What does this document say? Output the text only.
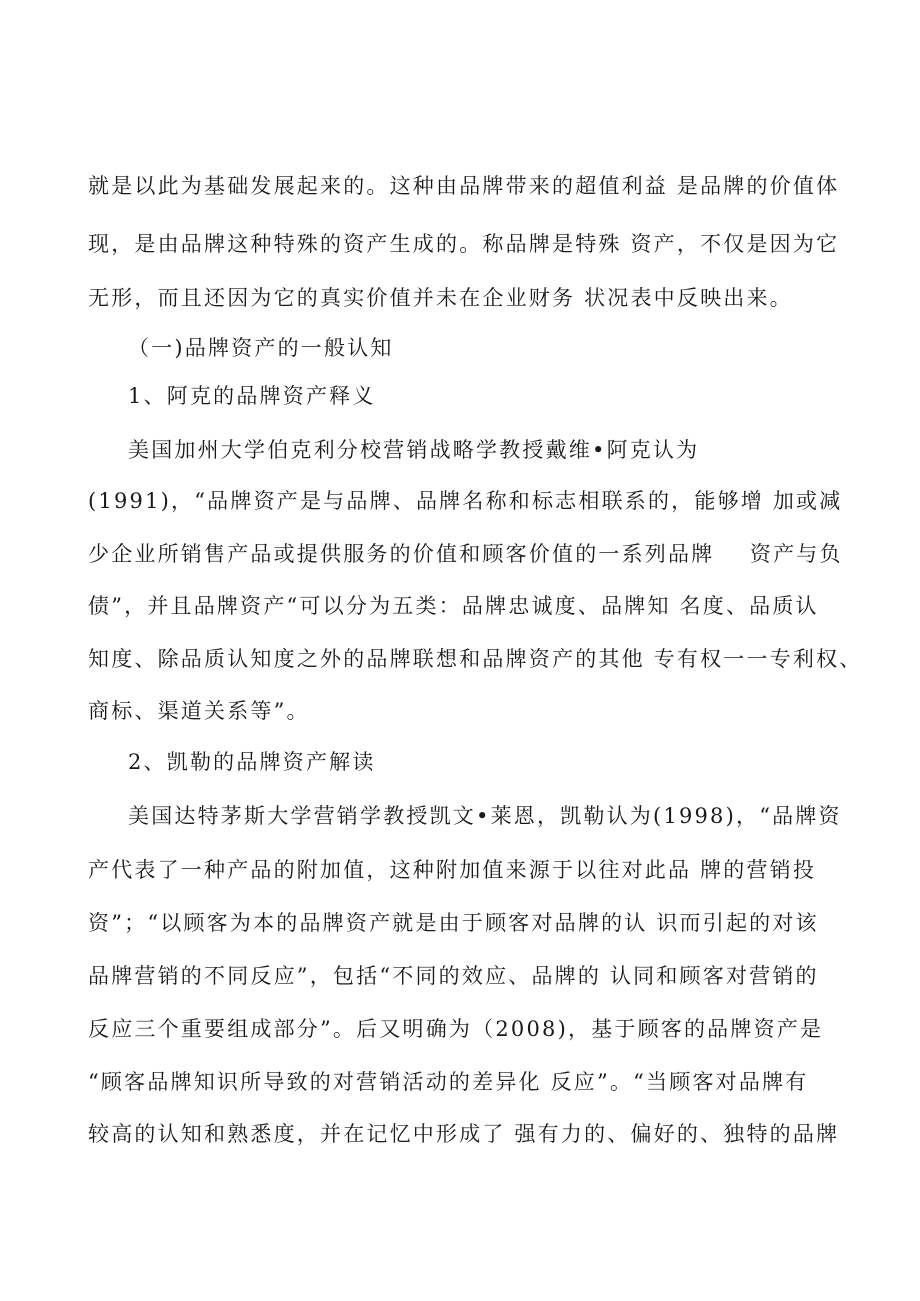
就是以此为基础发展起来的。这种由品牌带来的超值利益 是品牌的价值体
现，是由品牌这种特殊的资产生成的。称品牌是特殊 资产，不仅是因为它
无形，而且还因为它的真实价值并未在企业财务 状况表中反映出来。
（一)品牌资产的一般认知
1、阿克的品牌资产释义
美国加州大学伯克利分校营销战略学教授戴维•阿克认为
(1991)，“品牌资产是与品牌、品牌名称和标志相联系的，能够增 加或减
少企业所销售产品或提供服务的价值和顾客价值的一系列品牌    资产与负
债”，并且品牌资产“可以分为五类：品牌忠诚度、品牌知 名度、品质认
知度、除品质认知度之外的品牌联想和品牌资产的其他 专有权一一专利权、
商标、渠道关系等”。
2、凯勒的品牌资产解读
美国达特茅斯大学营销学教授凯文•莱恩，凯勒认为(1998)，“品牌资
产代表了一种产品的附加值，这种附加值来源于以往对此品 牌的营销投
资”；“以顾客为本的品牌资产就是由于顾客对品牌的认 识而引起的对该
品牌营销的不同反应”，包括“不同的效应、品牌的 认同和顾客对营销的
反应三个重要组成部分”。后又明确为（2008)，基于顾客的品牌资产是
“顾客品牌知识所导致的对营销活动的差异化 反应”。“当顾客对品牌有
较高的认知和熟悉度，并在记忆中形成了 强有力的、偏好的、独特的品牌
